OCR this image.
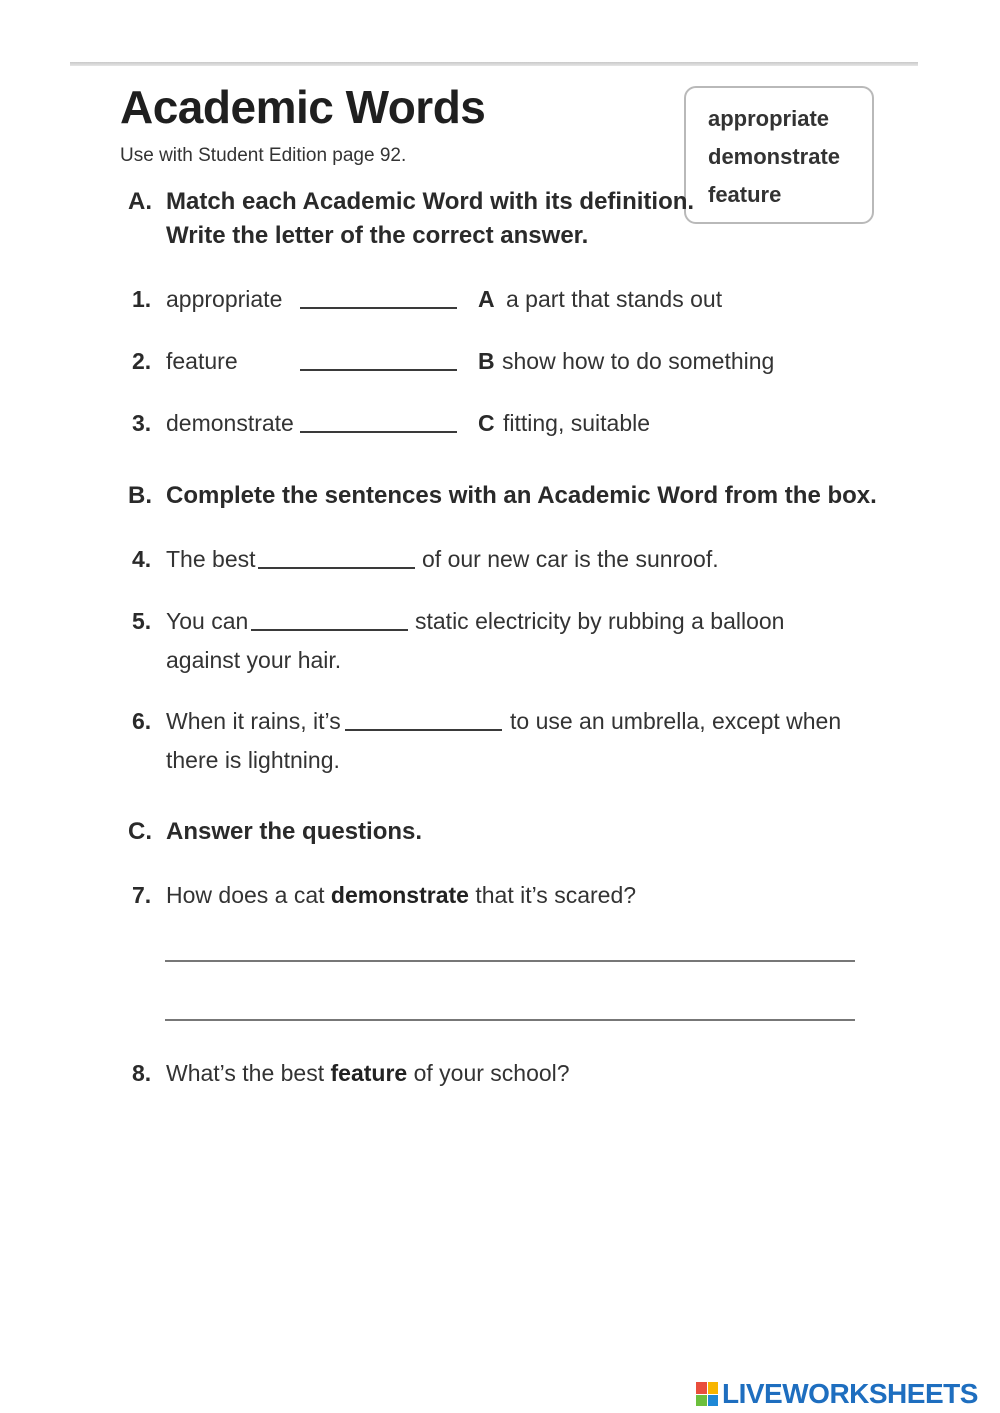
Academic Words
Use with Student Edition page 92.
appropriate
demonstrate
feature
A. Match each Academic Word with its definition.
Write the letter of the correct answer.
1. appropriate	A a part that stands out
2. feature	B show how to do something
3. demonstrate	C fitting, suitable
B. Complete the sentences with an Academic Word from the box.
4. The best	of our new car is the sunroof.
5. You can	static electricity by rubbing a balloon
against your hair.
6. When it rains, it’s	to use an umbrella, except when
there is lightning.
C. Answer the questions.
7. How does a cat demonstrate that it’s scared?
8. What’s the best feature of your school?
LIVEWORKSHEETS
